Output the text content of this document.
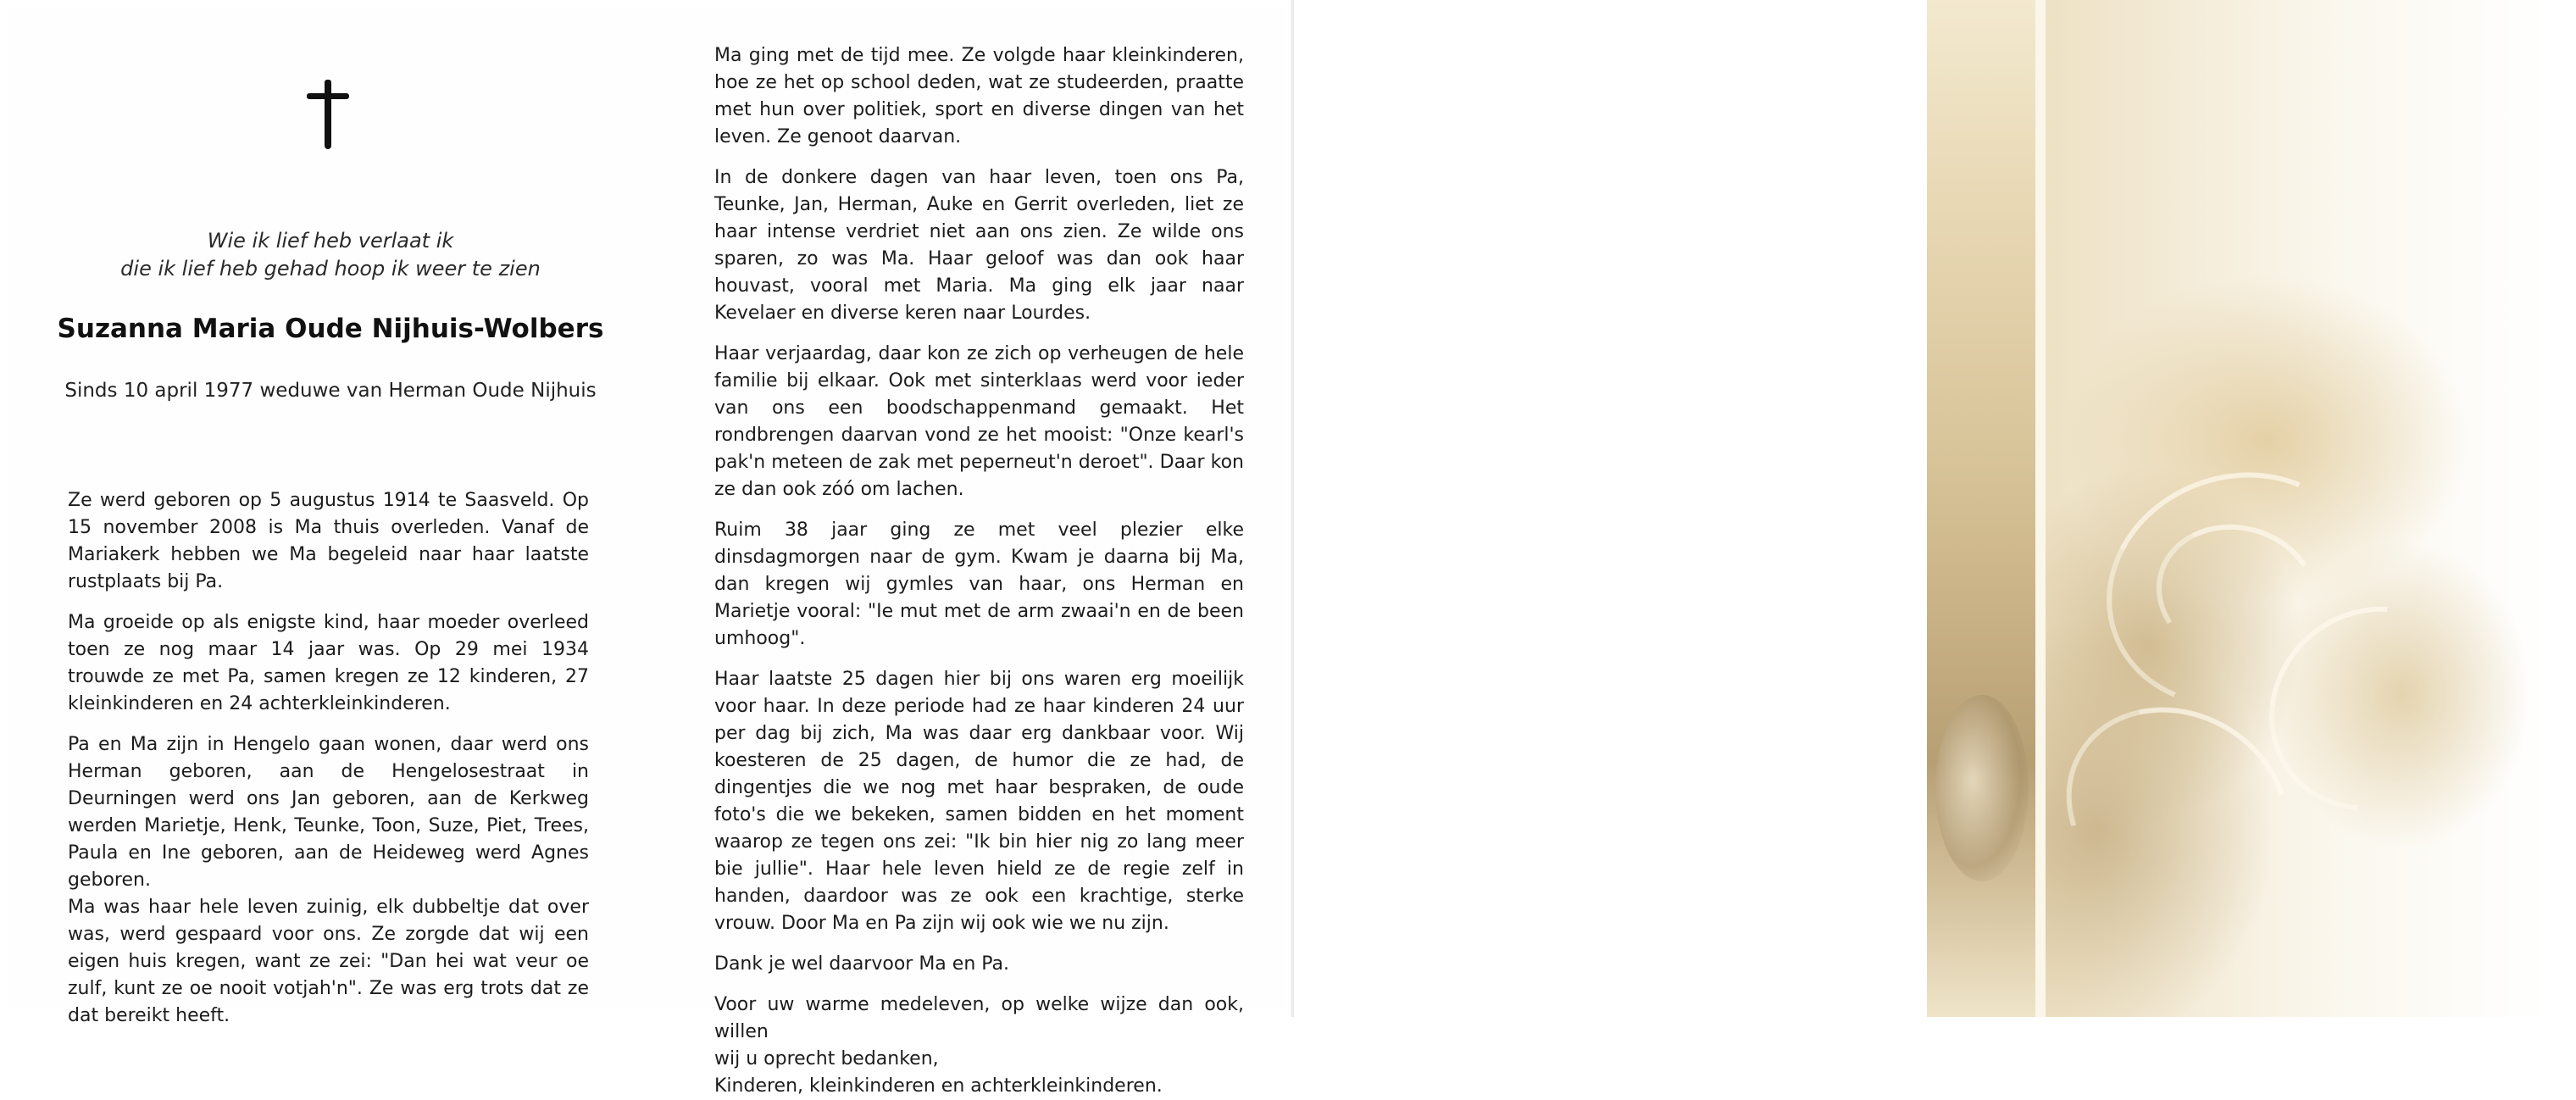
Wie ik lief heb verlaat ik
die ik lief heb gehad hoop ik weer te zien
Suzanna Maria Oude Nijhuis-Wolbers
Sinds 10 april 1977 weduwe van Herman Oude Nijhuis

Ze werd geboren op 5 augustus 1914 te Saasveld. Op 15 november 2008 is Ma thuis overleden. Vanaf de Mariakerk hebben we Ma begeleid naar haar laatste rustplaats bij Pa.

Ma groeide op als enigste kind, haar moeder overleed toen ze nog maar 14 jaar was. Op 29 mei 1934 trouwde ze met Pa, samen kregen ze 12 kinderen, 27 kleinkinderen en 24 achterkleinkinderen.

Pa en Ma zijn in Hengelo gaan wonen, daar werd ons Herman geboren, aan de Hengelosestraat in Deurningen werd ons Jan geboren, aan de Kerkweg werden Marietje, Henk, Teunke, Toon, Suze, Piet, Trees, Paula en Ine geboren, aan de Heideweg werd Agnes geboren.

Ma was haar hele leven zuinig, elk dubbeltje dat over was, werd gespaard voor ons. Ze zorgde dat wij een eigen huis kregen, want ze zei: "Dan hei wat veur oe zulf, kunt ze oe nooit votjah'n". Ze was erg trots dat ze dat bereikt heeft.

Ma ging met de tijd mee. Ze volgde haar kleinkinderen, hoe ze het op school deden, wat ze studeerden, praatte met hun over politiek, sport en diverse dingen van het leven. Ze genoot daarvan.

In de donkere dagen van haar leven, toen ons Pa, Teunke, Jan, Herman, Auke en Gerrit overleden, liet ze haar intense verdriet niet aan ons zien. Ze wilde ons sparen, zo was Ma. Haar geloof was dan ook haar houvast, vooral met Maria. Ma ging elk jaar naar Kevelaer en diverse keren naar Lourdes.

Haar verjaardag, daar kon ze zich op verheugen de hele familie bij elkaar. Ook met sinterklaas werd voor ieder van ons een boodschappenmand gemaakt. Het rondbrengen daarvan vond ze het mooist: "Onze kearl's pak'n meteen de zak met peperneut'n deroet". Daar kon ze dan ook zóó om lachen.

Ruim 38 jaar ging ze met veel plezier elke dinsdagmorgen naar de gym. Kwam je daarna bij Ma, dan kregen wij gymles van haar, ons Herman en Marietje vooral: "Ie mut met de arm zwaai'n en de been umhoog".

Haar laatste 25 dagen hier bij ons waren erg moeilijk voor haar. In deze periode had ze haar kinderen 24 uur per dag bij zich, Ma was daar erg dankbaar voor. Wij koesteren de 25 dagen, de humor die ze had, de dingentjes die we nog met haar bespraken, de oude foto's die we bekeken, samen bidden en het moment waarop ze tegen ons zei: "Ik bin hier nig zo lang meer bie jullie". Haar hele leven hield ze de regie zelf in handen, daardoor was ze ook een krachtige, sterke vrouw. Door Ma en Pa zijn wij ook wie we nu zijn.

Dank je wel daarvoor Ma en Pa.

Voor uw warme medeleven, op welke wijze dan ook, willen
wij u oprecht bedanken,
Kinderen, kleinkinderen en achterkleinkinderen.
